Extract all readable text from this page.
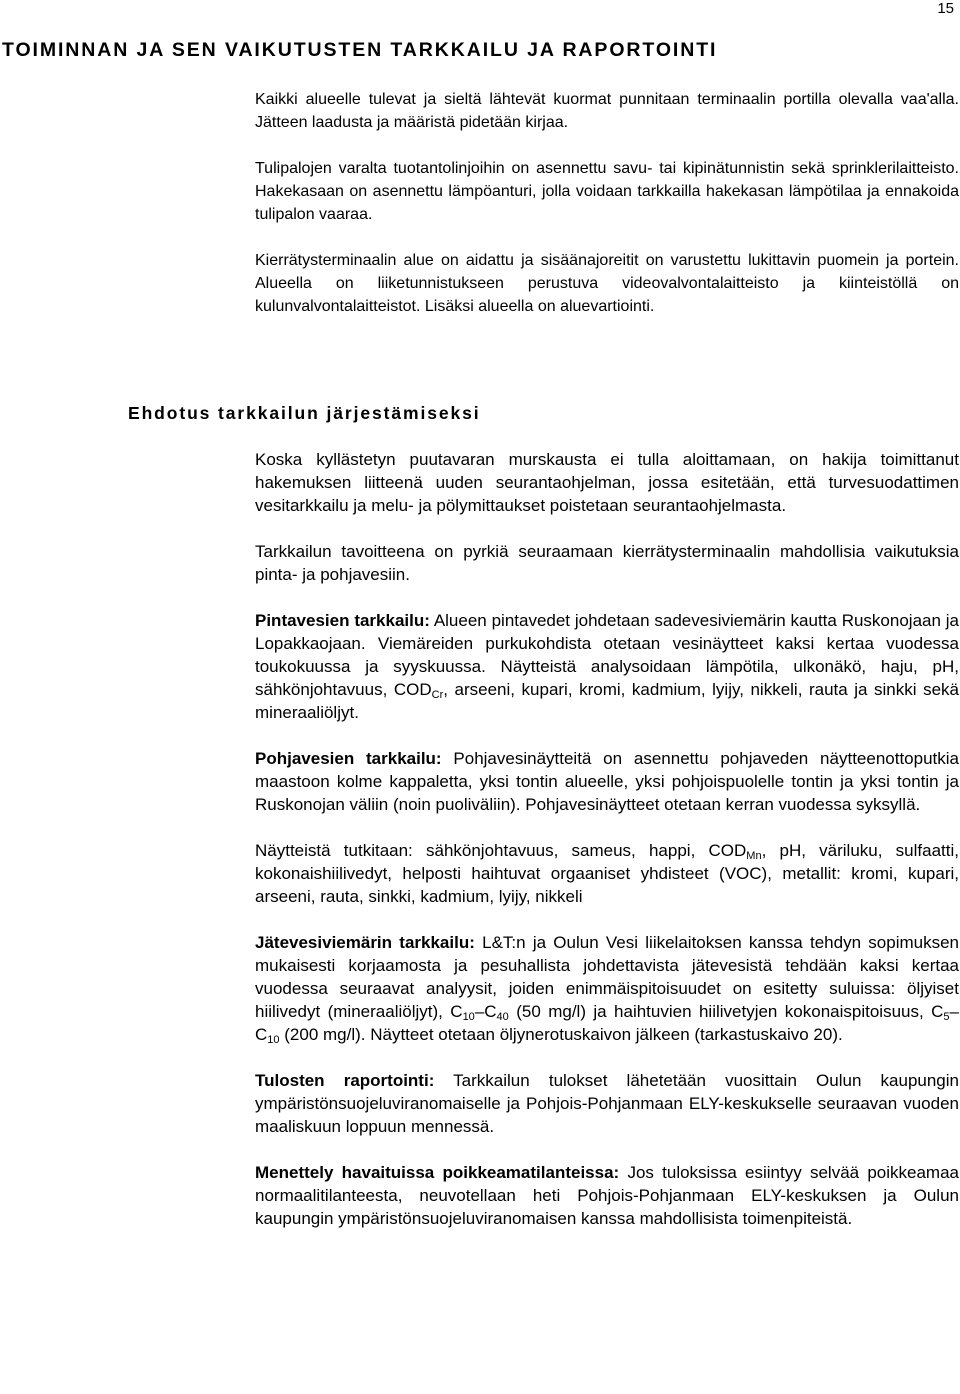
15
TOIMINNAN JA SEN VAIKUTUSTEN TARKKAILU JA RAPORTOINTI

Kaikki alueelle tulevat ja sieltä lähtevät kuormat punnitaan terminaalin portilla olevalla vaa'alla. Jätteen laadusta ja määristä pidetään kirjaa.

Tulipalojen varalta tuotantolinjoihin on asennettu savu- tai kipinätunnistin sekä sprinklerilaitteisto. Hakekasaan on asennettu lämpöanturi, jolla voidaan tarkkailla hakekasan lämpötilaa ja ennakoida tulipalon vaaraa.

Kierrätysterminaalin alue on aidattu ja sisäänajoreitit on varustettu lukittavin puomein ja portein. Alueella on liiketunnistukseen perustuva videovalvontalaitteisto ja kiinteistöllä on kulunvalvontalaitteistot. Lisäksi alueella on aluevartiointi.

Ehdotus tarkkailun järjestämiseksi

Koska kyllästetyn puutavaran murskausta ei tulla aloittamaan, on hakija toimittanut hakemuksen liitteenä uuden seurantaohjelman, jossa esitetään, että turvesuodattimen vesitarkkailu ja melu- ja pölymittaukset poistetaan seurantaohjelmasta.

Tarkkailun tavoitteena on pyrkiä seuraamaan kierrätysterminaalin mahdollisia vaikutuksia pinta- ja pohjavesiin.

Pintavesien tarkkailu: Alueen pintavedet johdetaan sadevesiviemärin kautta Ruskonojaan ja Lopakkaojaan. Viemäreiden purkukohdista otetaan vesinäytteet kaksi kertaa vuodessa toukokuussa ja syyskuussa. Näytteistä analysoidaan lämpötila, ulkonäkö, haju, pH, sähkönjohtavuus, $COD_{Cr}$, arseeni, kupari, kromi, kadmium, lyijy, nikkeli, rauta ja sinkki sekä mineraaliöljyt.

Pohjavesien tarkkailu: Pohjavesinäytteitä on asennettu pohjaveden näytteenottoputkia maastoon kolme kappaletta, yksi tontin alueelle, yksi pohjoispuolelle tontin ja yksi tontin ja Ruskonojan väliin (noin puoliväliin). Pohjavesinäytteet otetaan kerran vuodessa syksyllä.

Näytteistä tutkitaan: sähkönjohtavuus, sameus, happi, $COD_{Mn}$, pH, väriluku, sulfaatti, kokonaishiilivedyt, helposti haihtuvat orgaaniset yhdisteet (VOC), metallit: kromi, kupari, arseeni, rauta, sinkki, kadmium, lyijy, nikkeli

Jätevesiviemärin tarkkailu: L&T:n ja Oulun Vesi liikelaitoksen kanssa tehdyn sopimuksen mukaisesti korjaamosta ja pesuhallista johdettavista jätevesistä tehdään kaksi kertaa vuodessa seuraavat analyysit, joiden enimmäispitoisuudet on esitetty suluissa: öljyiset hiilivedyt (mineraaliöljyt), $C_{10}-C_{40}$ (50 mg/l) ja haihtuvien hiilivetyjen kokonaispitoisuus, $C_5-C_{10}$ (200 mg/l). Näytteet otetaan öljynerotuskaivon jälkeen (tarkastuskaivo 20).

Tulosten raportointi: Tarkkailun tulokset lähetetään vuosittain Oulun kaupungin ympäristönsuojeluviranomaiselle ja Pohjois-Pohjanmaan ELY-keskukselle seuraavan vuoden maaliskuun loppuun mennessä.

Menettely havaituissa poikkeamatilanteissa: Jos tuloksissa esiintyy selvää poikkeamaa normaalitilanteesta, neuvotellaan heti Pohjois-Pohjanmaan ELY-keskuksen ja Oulun kaupungin ympäristönsuojeluviranomaisen kanssa mahdollisista toimenpiteistä.
